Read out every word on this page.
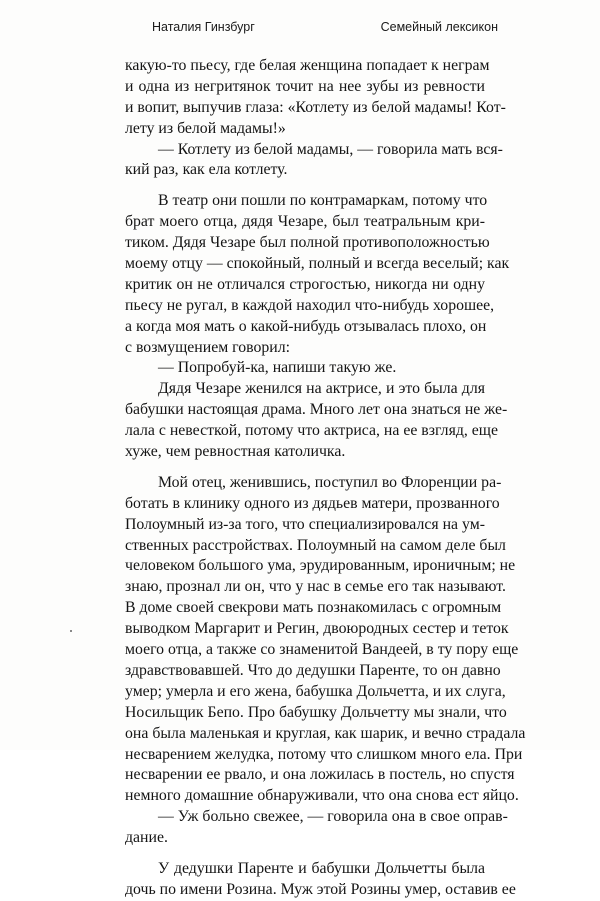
Наталия Гинзбург	Семейный лексикон
какую-то пьесу, где белая женщина попадает к неграм
и одна из негритянок точит на нее зубы из ревности
и вопит, выпучив глаза: «Котлету из белой мадамы! Кот-
лету из белой мадамы!»
— Котлету из белой мадамы, — говорила мать вся-
кий раз, как ела котлету.
В театр они пошли по контрамаркам, потому что
брат моего отца, дядя Чезаре, был театральным кри-
тиком. Дядя Чезаре был полной противоположностью
моему отцу — спокойный, полный и всегда веселый; как
критик он не отличался строгостью, никогда ни одну
пьесу не ругал, в каждой находил что-нибудь хорошее,
а когда моя мать о какой-нибудь отзывалась плохо, он
с возмущением говорил:
— Попробуй-ка, напиши такую же.
Дядя Чезаре женился на актрисе, и это была для
бабушки настоящая драма. Много лет она знаться не же-
лала с невесткой, потому что актриса, на ее взгляд, еще
хуже, чем ревностная католичка.
Мой отец, женившись, поступил во Флоренции ра-
ботать в клинику одного из дядьев матери, прозванного
Полоумный из-за того, что специализировался на ум-
ственных расстройствах. Полоумный на самом деле был
человеком большого ума, эрудированным, ироничным; не
знаю, прознал ли он, что у нас в семье его так называют.
В доме своей свекрови мать познакомилась с огромным
выводком Маргарит и Регин, двоюродных сестер и теток
моего отца, а также со знаменитой Вандеей, в ту пору еще
здравствовавшей. Что до дедушки Паренте, то он давно
умер; умерла и его жена, бабушка Дольчетта, и их слуга,
Носильщик Бепо. Про бабушку Дольчетту мы знали, что
она была маленькая и круглая, как шарик, и вечно страдала
несварением желудка, потому что слишком много ела. При
несварении ее рвало, и она ложилась в постель, но спустя
немного домашние обнаруживали, что она снова ест яйцо.
— Уж больно свежее, — говорила она в свое оправ-
дание.
У дедушки Паренте и бабушки Дольчетты была
дочь по имени Розина. Муж этой Розины умер, оставив ее
